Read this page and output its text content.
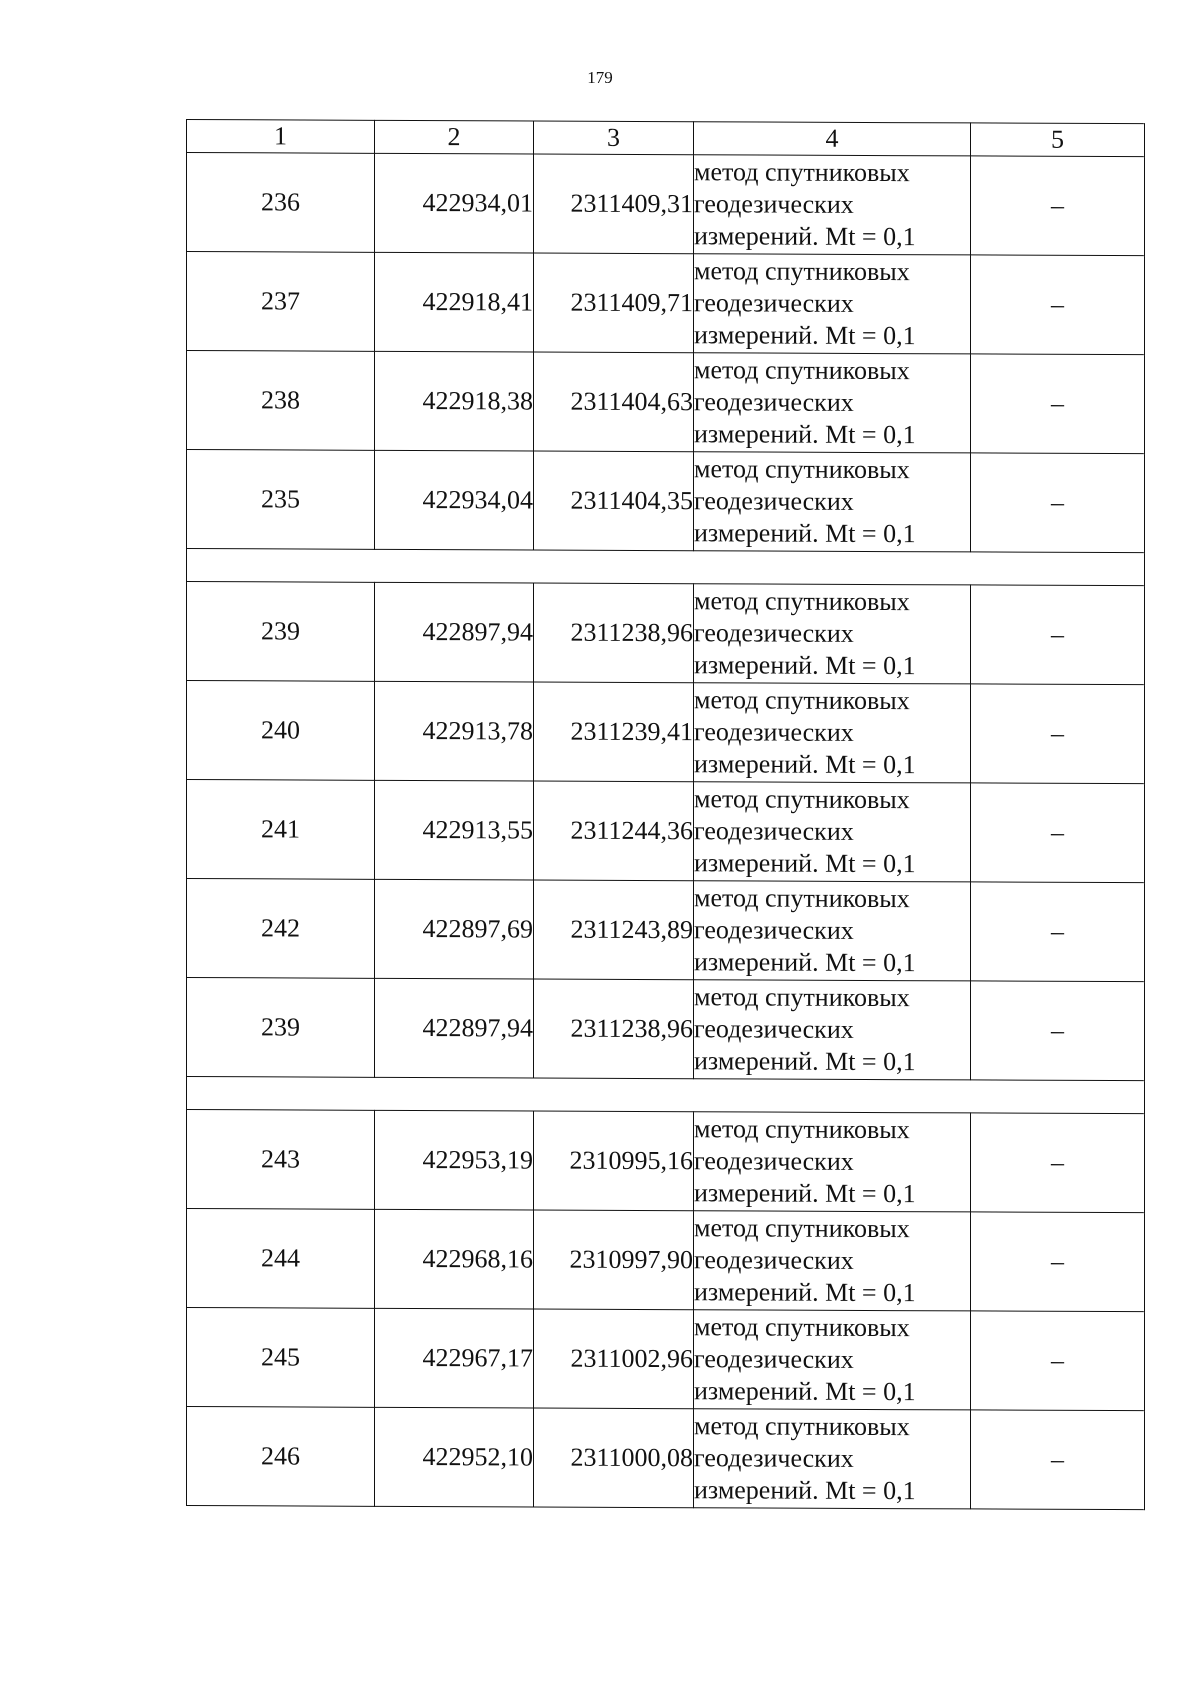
179
1	2	3	4	5
236	422934,01	2311409,31	метод спутниковых
геодезических
измерений. Mt = 0,1	–
237	422918,41	2311409,71	метод спутниковых
геодезических
измерений. Mt = 0,1	–
238	422918,38	2311404,63	метод спутниковых
геодезических
измерений. Mt = 0,1	–
235	422934,04	2311404,35	метод спутниковых
геодезических
измерений. Mt = 0,1	–

239	422897,94	2311238,96	метод спутниковых
геодезических
измерений. Mt = 0,1	–
240	422913,78	2311239,41	метод спутниковых
геодезических
измерений. Mt = 0,1	–
241	422913,55	2311244,36	метод спутниковых
геодезических
измерений. Mt = 0,1	–
242	422897,69	2311243,89	метод спутниковых
геодезических
измерений. Mt = 0,1	–
239	422897,94	2311238,96	метод спутниковых
геодезических
измерений. Mt = 0,1	–

243	422953,19	2310995,16	метод спутниковых
геодезических
измерений. Mt = 0,1	–
244	422968,16	2310997,90	метод спутниковых
геодезических
измерений. Mt = 0,1	–
245	422967,17	2311002,96	метод спутниковых
геодезических
измерений. Mt = 0,1	–
246	422952,10	2311000,08	метод спутниковых
геодезических
измерений. Mt = 0,1	–
